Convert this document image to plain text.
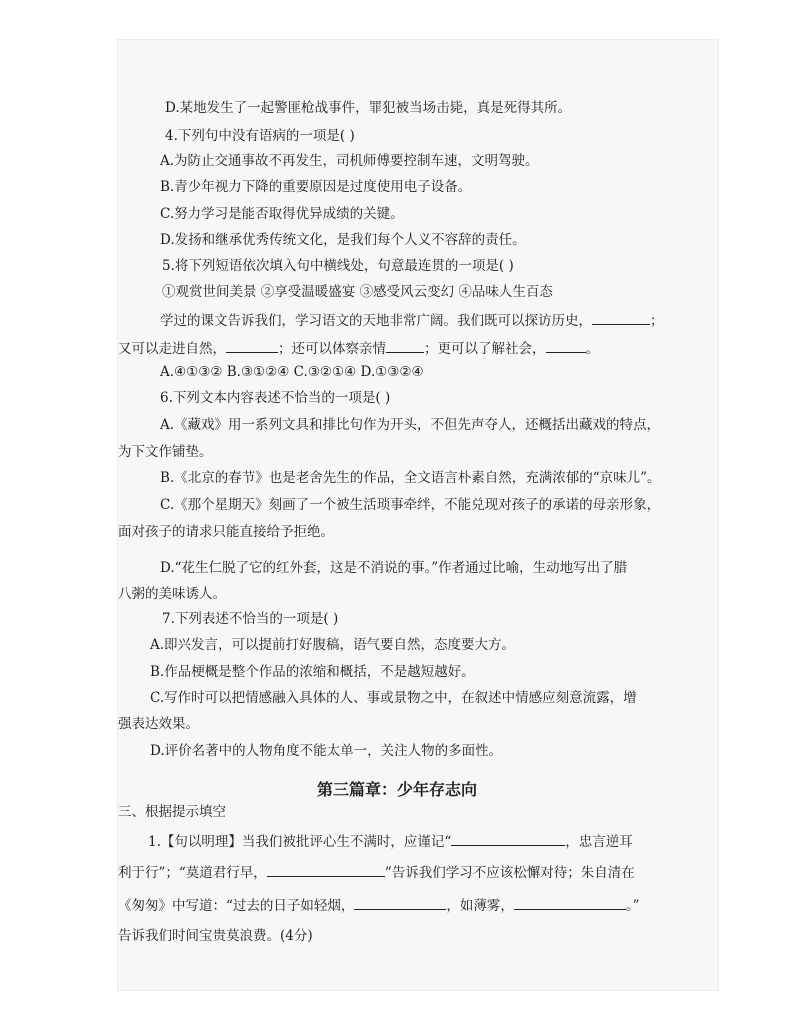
D.某地发生了一起警匪枪战事件，罪犯被当场击毙，真是死得其所。
4.下列句中没有语病的一项是( )
A.为防止交通事故不再发生，司机师傅要控制车速，文明驾驶。
B.青少年视力下降的重要原因是过度使用电子设备。
C.努力学习是能否取得优异成绩的关键。
D.发扬和继承优秀传统文化，是我们每个人义不容辞的责任。
5.将下列短语依次填入句中横线处，句意最连贯的一项是( )
①观赏世间美景 ②享受温暖盛宴 ③感受风云变幻 ④品味人生百态
学过的课文告诉我们，学习语文的天地非常广阔。我们既可以探访历史，	；
又可以走进自然，	；还可以体察亲情	；更可以了解社会，	。
A.④①③② B.③①②④ C.③②①④ D.①③②④
6.下列文本内容表述不恰当的一项是( )
A.《藏戏》用一系列文具和排比句作为开头，不但先声夺人，还概括出藏戏的特点，
为下文作铺垫。
B.《北京的春节》也是老舍先生的作品，全文语言朴素自然，充满浓郁的“京味儿”。
C.《那个星期天》刻画了一个被生活琐事牵绊，不能兑现对孩子的承诺的母亲形象，
面对孩子的请求只能直接给予拒绝。
D.“花生仁脱了它的红外套，这是不消说的事。”作者通过比喻，生动地写出了腊
八粥的美味诱人。
7.下列表述不恰当的一项是( )
A.即兴发言，可以提前打好腹稿，语气要自然，态度要大方。
B.作品梗概是整个作品的浓缩和概括，不是越短越好。
C.写作时可以把情感融入具体的人、事或景物之中，在叙述中情感应刻意流露，增
强表达效果。
D.评价名著中的人物角度不能太单一，关注人物的多面性。
第三篇章：少年存志向
三、根据提示填空
1.【句以明理】当我们被批评心生不满时，应谨记“	，忠言逆耳
利于行”；“莫道君行早，	”告诉我们学习不应该松懈对待；朱自清在
《匆匆》中写道：“过去的日子如轻烟，	，如薄雾，	。”
告诉我们时间宝贵莫浪费。(4分)
